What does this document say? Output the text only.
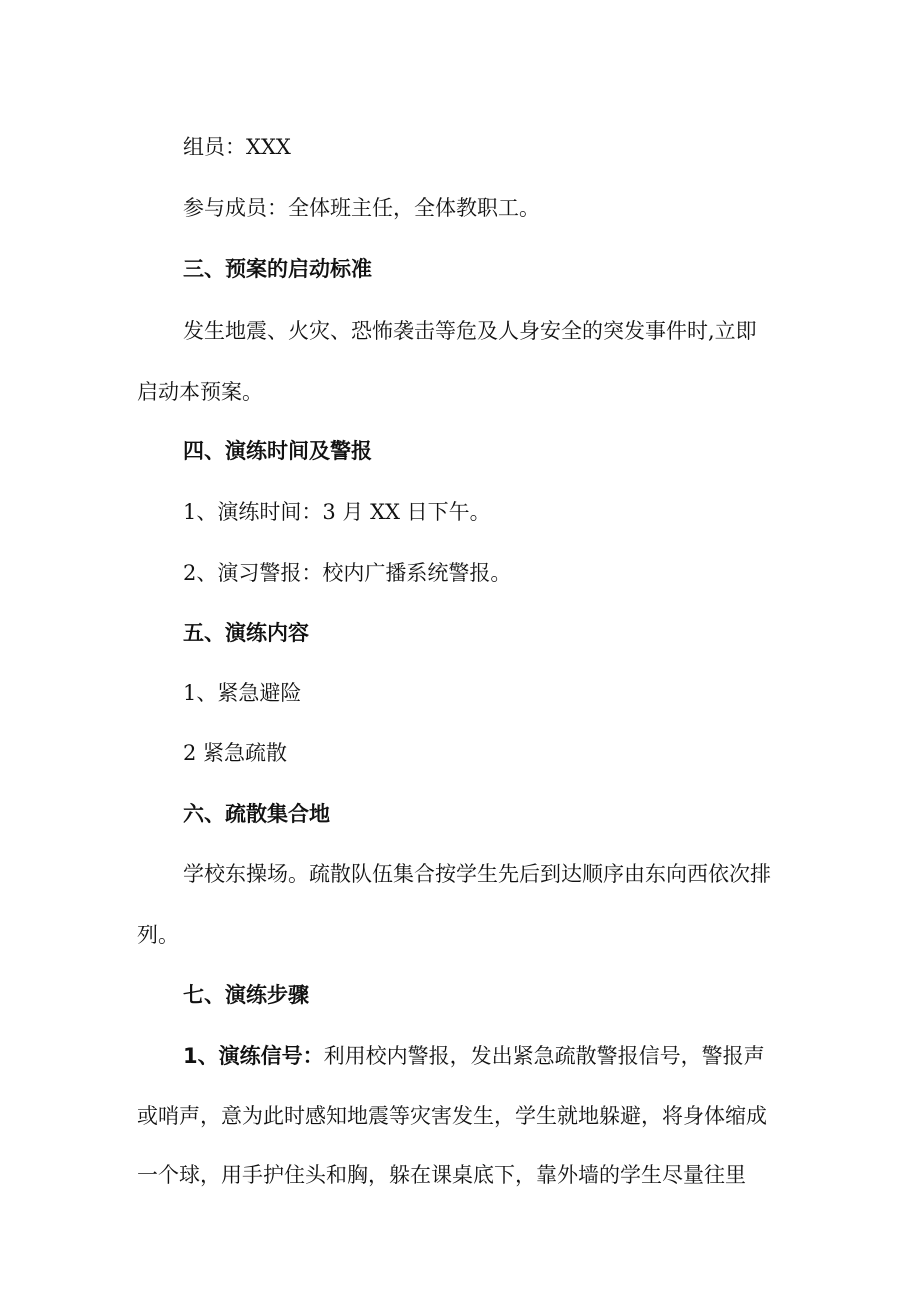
组员：XXX
参与成员：全体班主任，全体教职工。
三、预案的启动标准
发生地震、火灾、恐怖袭击等危及人身安全的突发事件时,立即
启动本预案。
四、演练时间及警报
1、演练时间：3 月 XX 日下午。
2、演习警报：校内广播系统警报。
五、演练内容
1、紧急避险
2 紧急疏散
六、疏散集合地
学校东操场。疏散队伍集合按学生先后到达顺序由东向西依次排
列。
七、演练步骤
1、演练信号：利用校内警报，发出紧急疏散警报信号，警报声
或哨声，意为此时感知地震等灾害发生，学生就地躲避，将身体缩成
一个球，用手护住头和胸，躲在课桌底下，靠外墙的学生尽量往里
